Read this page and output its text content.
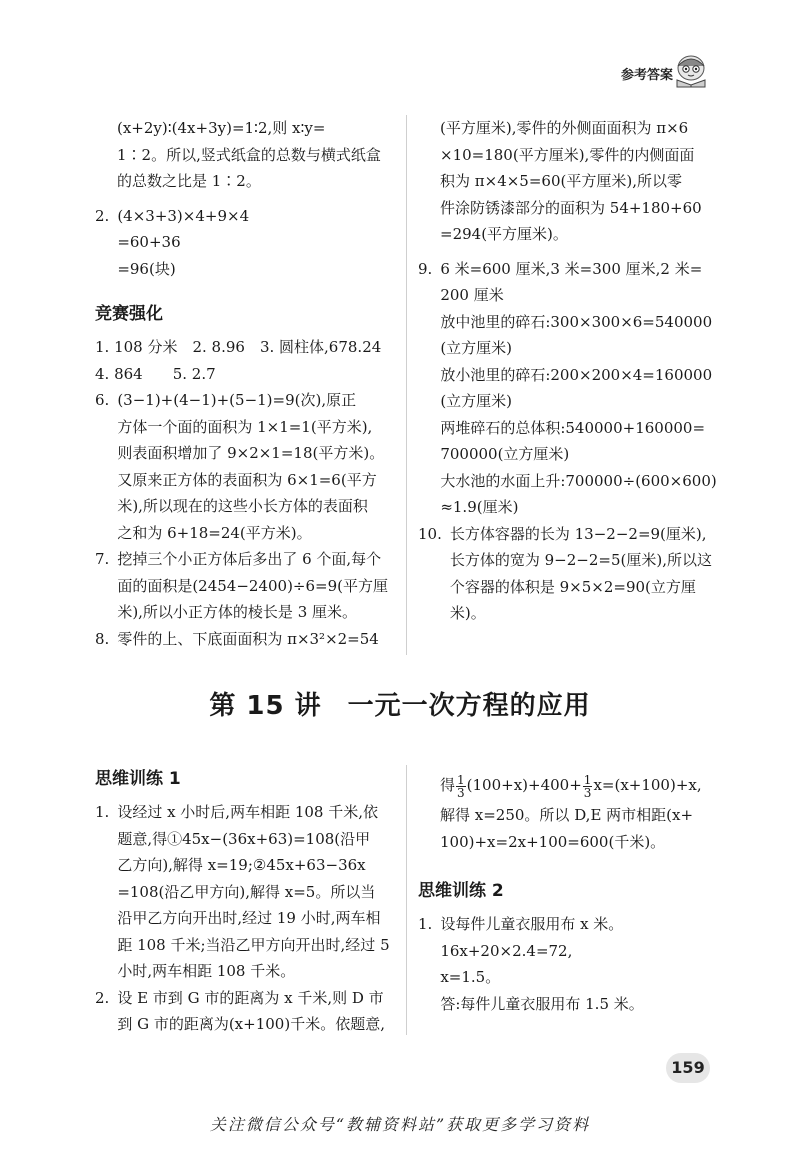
参考答案
(x+2y)∶(4x+3y)=1∶2,则 x∶y=
1∶2。所以,竖式纸盒的总数与横式纸盒
的总数之比是 1∶2。
2. (4×3+3)×4+9×4
=60+36
=96(块)
竞赛强化
1. 108 分米　2. 8.96　3. 圆柱体,678.24
4. 864　　5. 2.7
6. (3−1)+(4−1)+(5−1)=9(次),原正
方体一个面的面积为 1×1=1(平方米),
则表面积增加了 9×2×1=18(平方米)。
又原来正方体的表面积为 6×1=6(平方
米),所以现在的这些小长方体的表面积
之和为 6+18=24(平方米)。
7. 挖掉三个小正方体后多出了 6 个面,每个
面的面积是(2454−2400)÷6=9(平方厘
米),所以小正方体的棱长是 3 厘米。
8. 零件的上、下底面面积为 π×3²×2=54
(平方厘米),零件的外侧面面积为 π×6
×10=180(平方厘米),零件的内侧面面
积为 π×4×5=60(平方厘米),所以零
件涂防锈漆部分的面积为 54+180+60
=294(平方厘米)。
9. 6 米=600 厘米,3 米=300 厘米,2 米=
200 厘米
放中池里的碎石:300×300×6=540000
(立方厘米)
放小池里的碎石:200×200×4=160000
(立方厘米)
两堆碎石的总体积:540000+160000=
700000(立方厘米)
大水池的水面上升:700000÷(600×600)
≈1.9(厘米)
10. 长方体容器的长为 13−2−2=9(厘米),
长方体的宽为 9−2−2=5(厘米),所以这
个容器的体积是 9×5×2=90(立方厘
米)。
第 15 讲 一元一次方程的应用
思维训练 1
1. 设经过 x 小时后,两车相距 108 千米,依
题意,得①45x−(36x+63)=108(沿甲
乙方向),解得 x=19;②45x+63−36x
=108(沿乙甲方向),解得 x=5。所以当
沿甲乙方向开出时,经过 19 小时,两车相
距 108 千米;当沿乙甲方向开出时,经过 5
小时,两车相距 108 千米。
2. 设 E 市到 G 市的距离为 x 千米,则 D 市
到 G 市的距离为(x+100)千米。依题意,
得 $\frac{1}{3} (100+x)+400+ \frac{1}{3} x=(x+100)+x$,
解得 x=250。所以 D,E 两市相距(x+
100)+x=2x+100=600(千米)。
思维训练 2
1. 设每件儿童衣服用布 x 米。
16x+20×2.4=72,
x=1.5。
答:每件儿童衣服用布 1.5 米。
159
关注微信公众号“教辅资料站”获取更多学习资料
